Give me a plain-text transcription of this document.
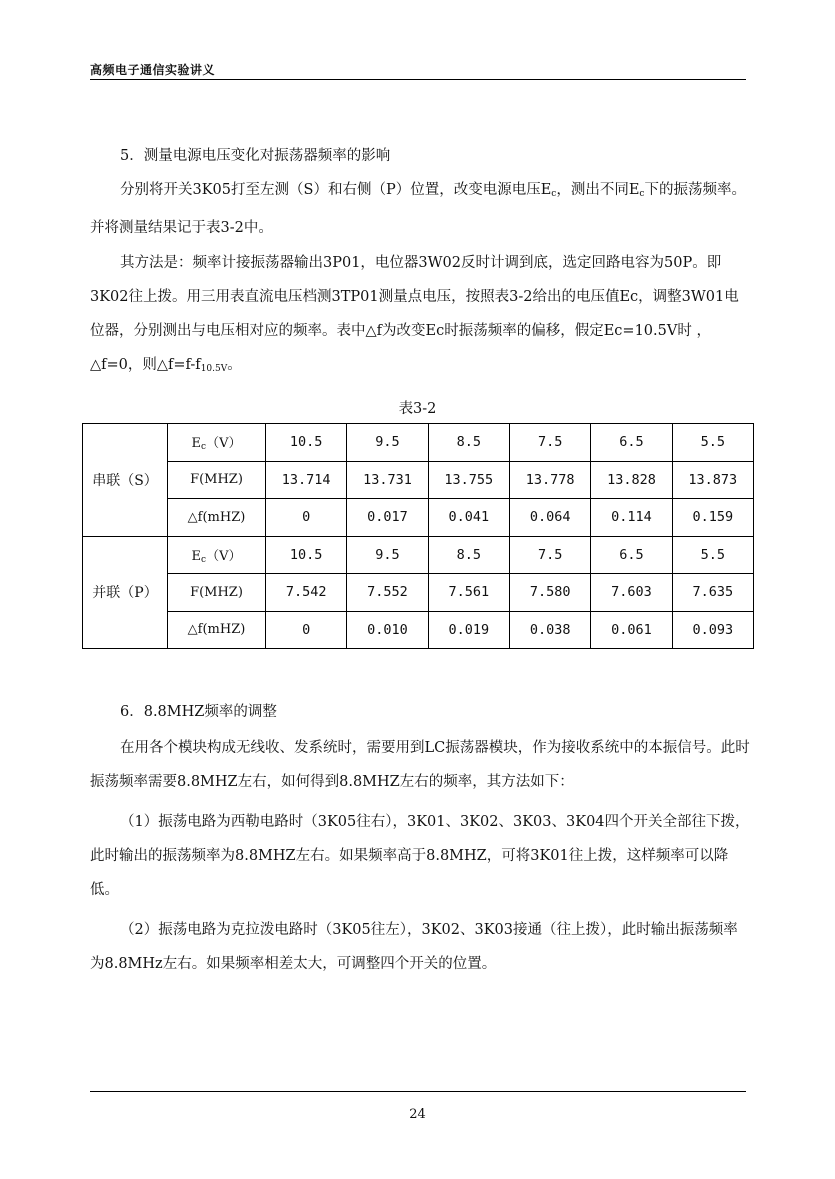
高频电子通信实验讲义

5．测量电源电压变化对振荡器频率的影响

分别将开关3K05打至左测（S）和右侧（P）位置，改变电源电压$E_c$，测出不同$E_c$下的振荡频率。并将测量结果记于表3-2中。

其方法是：频率计接振荡器输出3P01，电位器3W02反时计调到底，选定回路电容为50P。即3K02往上拨。用三用表直流电压档测3TP01测量点电压，按照表3-2给出的电压值Ec，调整3W01电位器，分别测出与电压相对应的频率。表中△f为改变Ec时振荡频率的偏移，假定Ec=10.5V时 ，△f=0，则$\triangle f=f-f_{10.5V}$。

表3-2
串联（S）	$E_c(V)$	10.5	9.5	8.5	7.5	6.5	5.5
	F(MHZ)	13.714	13.731	13.755	13.778	13.828	13.873
	△f(mHZ)	0	0.017	0.041	0.064	0.114	0.159
并联（P）	$E_c(V)$	10.5	9.5	8.5	7.5	6.5	5.5
	F(MHZ)	7.542	7.552	7.561	7.580	7.603	7.635
	△f(mHZ)	0	0.010	0.019	0.038	0.061	0.093

6．8.8MHZ频率的调整

在用各个模块构成无线收、发系统时，需要用到LC振荡器模块，作为接收系统中的本振信号。此时振荡频率需要8.8MHZ左右，如何得到8.8MHZ左右的频率，其方法如下：

（1）振荡电路为西勒电路时（3K05往右），3K01、3K02、3K03、3K04四个开关全部往下拨，此时输出的振荡频率为8.8MHZ左右。如果频率高于8.8MHZ，可将3K01往上拨，这样频率可以降低。

（2）振荡电路为克拉泼电路时（3K05往左），3K02、3K03接通（往上拨），此时输出振荡频率为8.8MHz左右。如果频率相差太大，可调整四个开关的位置。

24
